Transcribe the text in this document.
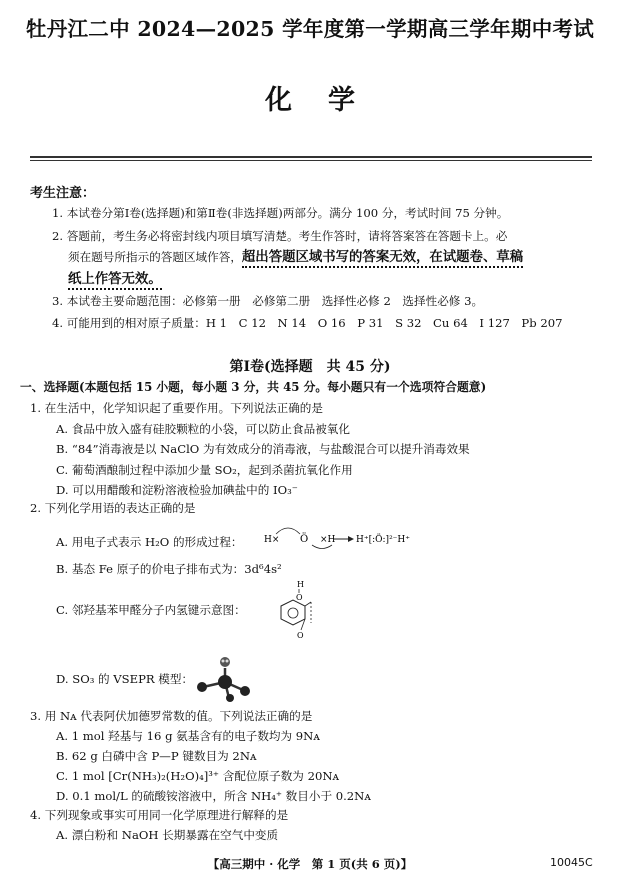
牡丹江二中 2024—2025 学年度第一学期高三学年期中考试
化学
考生注意：
1. 本试卷分第Ⅰ卷(选择题)和第Ⅱ卷(非选择题)两部分。满分 100 分，考试时间 75 分钟。
2. 答题前，考生务必将密封线内项目填写清楚。考生作答时，请将答案答在答题卡上。必
须在题号所指示的答题区域作答，超出答题区域书写的答案无效，在试题卷、草稿
纸上作答无效。
3. 本试卷主要命题范围：必修第一册　必修第二册　选择性必修 2　选择性必修 3。
4. 可能用到的相对原子质量：H 1　C 12　N 14　O 16　P 31　S 32　Cu 64　I 127　Pb 207
第Ⅰ卷(选择题　共 45 分)
一、选择题(本题包括 15 小题，每小题 3 分，共 45 分。每小题只有一个选项符合题意)
1. 在生活中，化学知识起了重要作用。下列说法正确的是
A. 食品中放入盛有硅胶颗粒的小袋，可以防止食品被氧化
B. “84”消毒液是以 NaClO 为有效成分的消毒液，与盐酸混合可以提升消毒效果
C. 葡萄酒酿制过程中添加少量 SO₂，起到杀菌抗氧化作用
D. 可以用醋酸和淀粉溶液检验加碘盐中的 IO₃⁻
2. 下列化学用语的表达正确的是
A. 用电子式表示 H₂O 的形成过程： H× Ö ×H H⁺[:Ö:]²⁻H⁺
B. 基态 Fe 原子的价电子排布式为：3d⁶4s²
C. 邻羟基苯甲醛分子内氢键示意图：
H
O
O
D. SO₃ 的 VSEPR 模型：
3. 用 Nᴀ 代表阿伏加德罗常数的值。下列说法正确的是
A. 1 mol 羟基与 16 g 氨基含有的电子数均为 9Nᴀ
B. 62 g 白磷中含 P—P 键数目为 2Nᴀ
C. 1 mol [Cr(NH₃)₂(H₂O)₄]³⁺ 含配位原子数为 20Nᴀ
D. 0.1 mol/L 的硫酸铵溶液中，所含 NH₄⁺ 数目小于 0.2Nᴀ
4. 下列现象或事实可用同一化学原理进行解释的是
A. 漂白粉和 NaOH 长期暴露在空气中变质
【高三期中 · 化学　第 1 页(共 6 页)】	10045C
